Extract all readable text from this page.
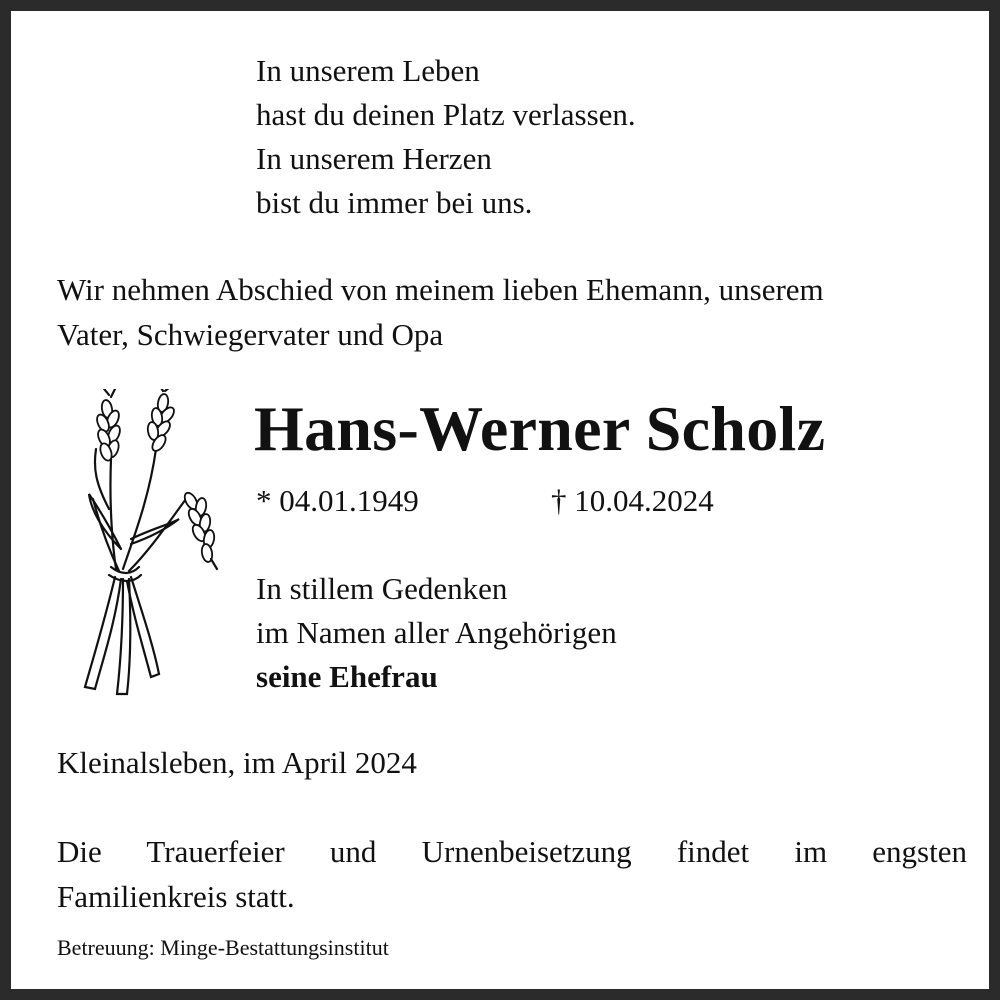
In unserem Leben
hast du deinen Platz verlassen.
In unserem Herzen
bist du immer bei uns.
Wir nehmen Abschied von meinem lieben Ehemann, unserem
Vater, Schwiegervater und Opa
Hans-Werner Scholz
* 04.01.1949	† 10.04.2024
In stillem Gedenken
im Namen aller Angehörigen
seine Ehefrau
Kleinalsleben, im April 2024
Die Trauerfeier und Urnenbeisetzung findet im engsten
Familienkreis statt.
Betreuung: Minge-Bestattungsinstitut
